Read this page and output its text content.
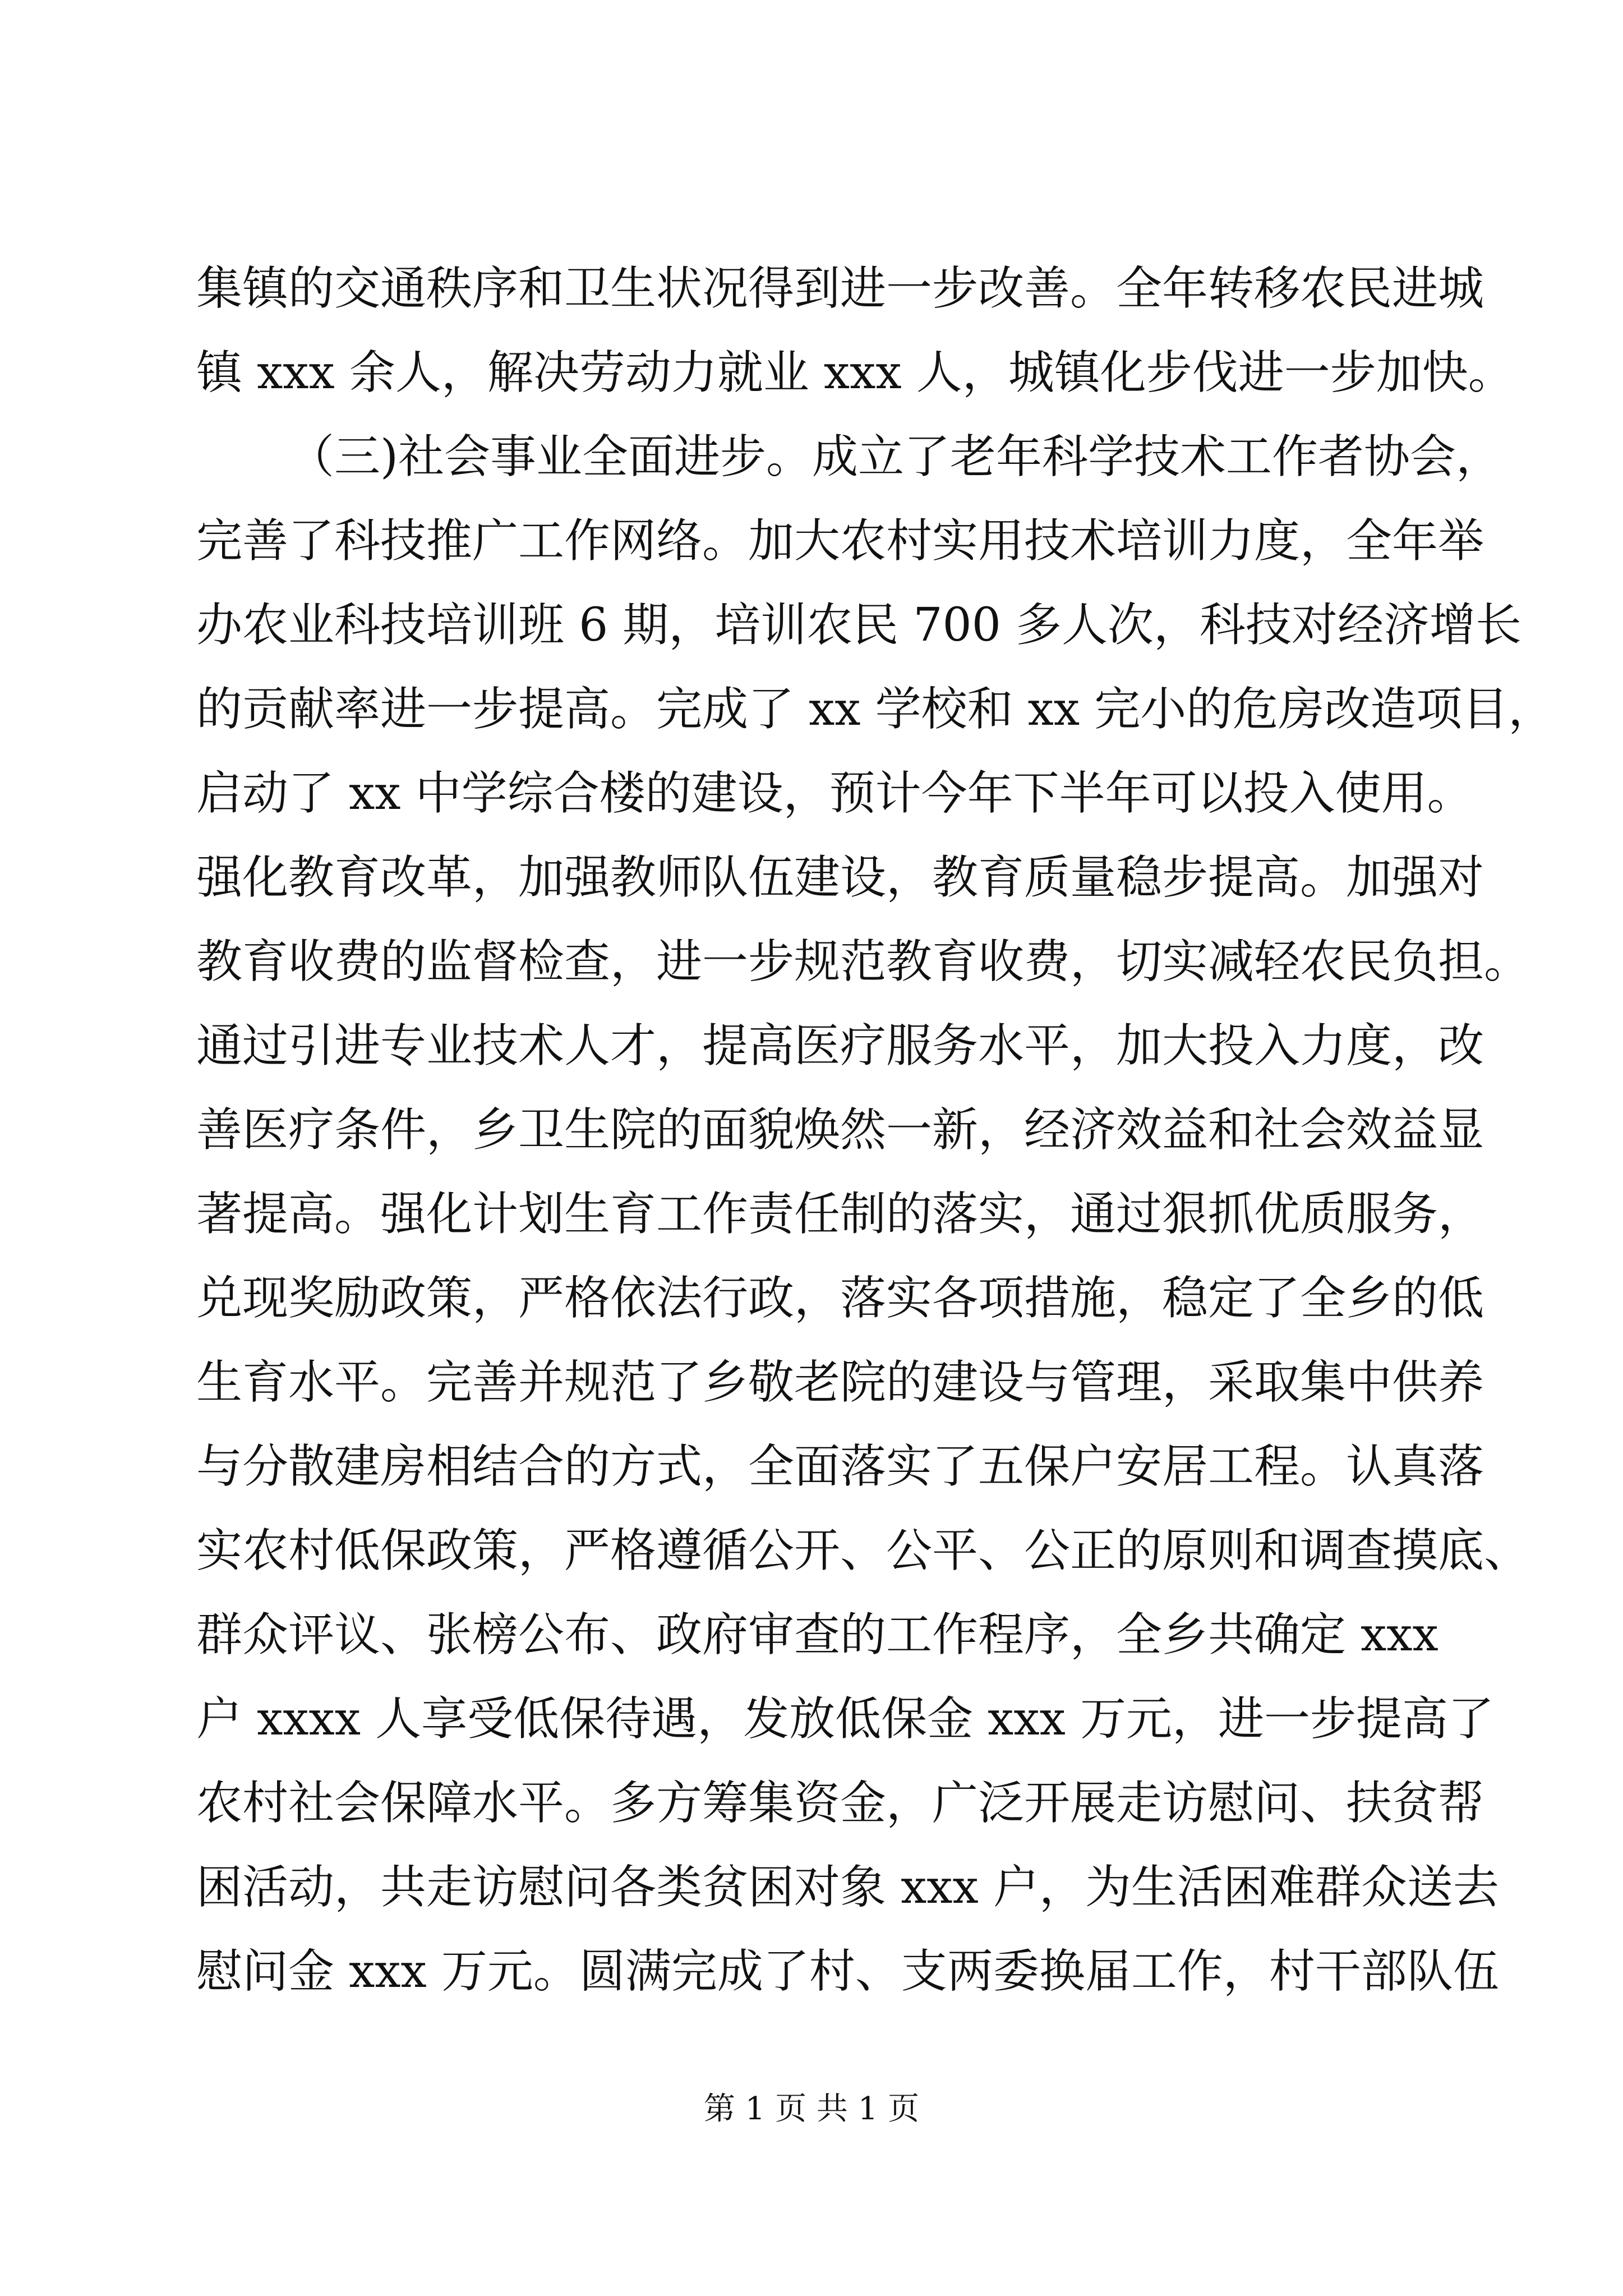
集镇的交通秩序和卫生状况得到进一步改善。全年转移农民进城
镇 xxx 余人，解决劳动力就业 xxx 人，城镇化步伐进一步加快。
（三)社会事业全面进步。成立了老年科学技术工作者协会，
完善了科技推广工作网络。加大农村实用技术培训力度，全年举
办农业科技培训班 6 期，培训农民 700 多人次，科技对经济增长
的贡献率进一步提高。完成了 xx 学校和 xx 完小的危房改造项目，
启动了 xx 中学综合楼的建设，预计今年下半年可以投入使用。
强化教育改革，加强教师队伍建设，教育质量稳步提高。加强对
教育收费的监督检查，进一步规范教育收费，切实减轻农民负担。
通过引进专业技术人才，提高医疗服务水平，加大投入力度，改
善医疗条件，乡卫生院的面貌焕然一新，经济效益和社会效益显
著提高。强化计划生育工作责任制的落实，通过狠抓优质服务，
兑现奖励政策，严格依法行政，落实各项措施，稳定了全乡的低
生育水平。完善并规范了乡敬老院的建设与管理，采取集中供养
与分散建房相结合的方式，全面落实了五保户安居工程。认真落
实农村低保政策，严格遵循公开、公平、公正的原则和调查摸底、
群众评议、张榜公布、政府审查的工作程序，全乡共确定 xxx
户 xxxx 人享受低保待遇，发放低保金 xxx 万元，进一步提高了
农村社会保障水平。多方筹集资金，广泛开展走访慰问、扶贫帮
困活动，共走访慰问各类贫困对象 xxx 户，为生活困难群众送去
慰问金 xxx 万元。圆满完成了村、支两委换届工作，村干部队伍
第 1 页 共 1 页
